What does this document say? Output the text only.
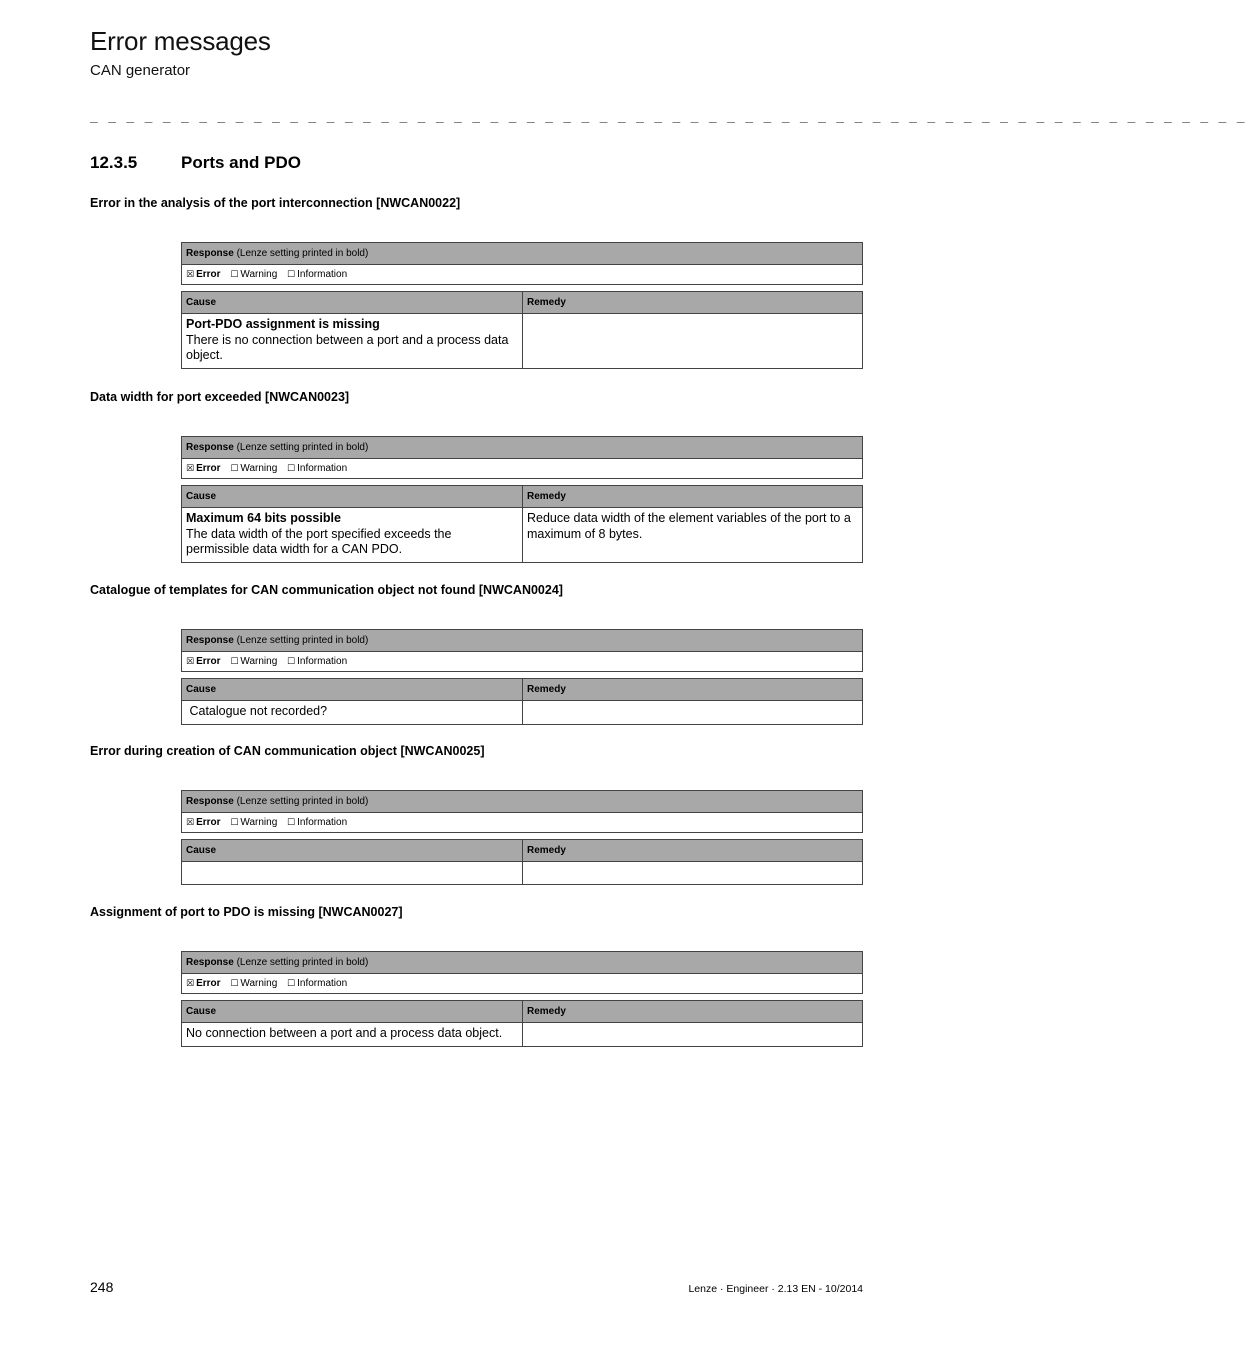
Error messages
CAN generator
_ _ _ _ _ _ _ _ _ _ _ _ _ _ _ _ _ _ _ _ _ _ _ _ _ _ _ _ _ _ _ _ _ _ _ _ _ _ _ _ _ _ _ _ _ _ _ _ _ _ _ _ _ _ _ _ _ _ _ _ _ _ _ _
12.3.5	Ports and PDO
Error in the analysis of the port interconnection [NWCAN0022]
Response (Lenze setting printed in bold)
☒ Error ☐ Warning ☐ Information
Cause	Remedy

Port-PDO assignment is missing
There is no connection between a port and a process data object.	

Data width for port exceeded [NWCAN0023]
Response (Lenze setting printed in bold)
☒ Error ☐ Warning ☐ Information
Cause	Remedy

Maximum 64 bits possible
The data width of the port specified exceeds the permissible data width for a CAN PDO.	Reduce data width of the element variables of the port to a maximum of 8 bytes.
Catalogue of templates for CAN communication object not found [NWCAN0024]
Response (Lenze setting printed in bold)
☒ Error ☐ Warning ☐ Information
Cause	Remedy

Catalogue not recorded?	

Error during creation of CAN communication object [NWCAN0025]
Response (Lenze setting printed in bold)
☒ Error ☐ Warning ☐ Information
Cause	Remedy

Assignment of port to PDO is missing [NWCAN0027]
Response (Lenze setting printed in bold)
☒ Error ☐ Warning ☐ Information
Cause	Remedy
No connection between a port and a process data object.	
248	Lenze · Engineer · 2.13 EN - 10/2014
